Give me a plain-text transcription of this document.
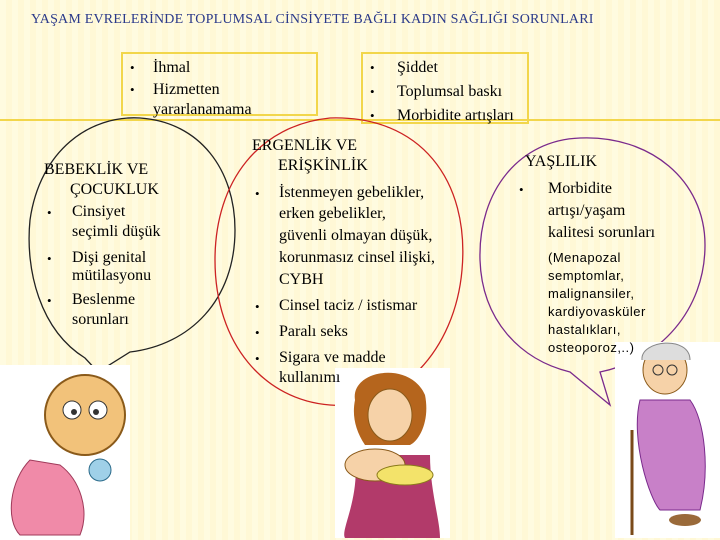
YAŞAM EVRELERİNDE TOPLUMSAL CİNSİYETE BAĞLI KADIN SAĞLIĞI SORUNLARI
• İhmal
• Hizmetten
yararlanamama
• Şiddet
• Toplumsal baskı
• Morbidite artışları
BEBEKLİK VE
ÇOCUKLUK
• Cinsiyet
seçimli düşük
• Dişi genital
mütilasyonu
• Beslenme
sorunları
ERGENLİK VE
ERİŞKİNLİK
• İstenmeyen gebelikler,
erken gebelikler,
güvenli olmayan düşük,
korunmasız cinsel ilişki,
CYBH
• Cinsel taciz / istismar
• Paralı seks
• Sigara ve madde
kullanımı
YAŞLILIK
• Morbidite
artışı/yaşam
kalitesi sorunları
(Menapozal
semptomlar,
malignansiler,
kardiyovasküler
hastalıkları,
osteoporoz,..)
